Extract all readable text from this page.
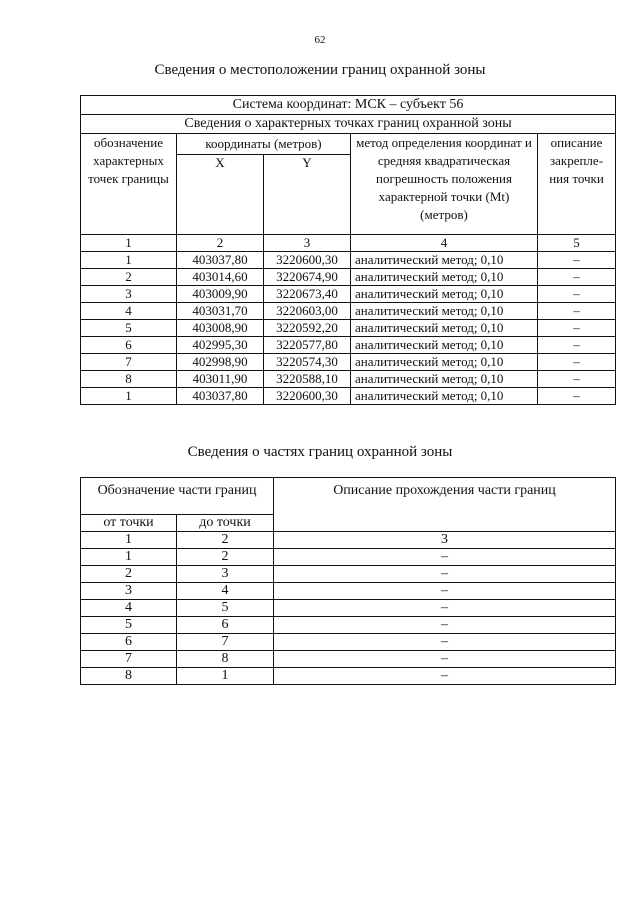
62
Сведения о местоположении границ охранной зоны
Система координат: МСК – субъект 56				
Сведения о характерных точках границ охранной зоны				
обозначение характерных точек границы	координаты (метров)		метод определения координат и средняя квадратическая погрешность положения характерной точки (Mt) (метров)	описание закрепле-ния точки
	X	Y		
1	2	3	4	5
1	403037,80	3220600,30	аналитический метод; 0,10	–
2	403014,60	3220674,90	аналитический метод; 0,10	–
3	403009,90	3220673,40	аналитический метод; 0,10	–
4	403031,70	3220603,00	аналитический метод; 0,10	–
5	403008,90	3220592,20	аналитический метод; 0,10	–
6	402995,30	3220577,80	аналитический метод; 0,10	–
7	402998,90	3220574,30	аналитический метод; 0,10	–
8	403011,90	3220588,10	аналитический метод; 0,10	–
1	403037,80	3220600,30	аналитический метод; 0,10	–
Сведения о частях границ охранной зоны
Обозначение части границ		Описание прохождения части границ
от точки	до точки	
1	2	3
1	2	–
2	3	–
3	4	–
4	5	–
5	6	–
6	7	–
7	8	–
8	1	–
